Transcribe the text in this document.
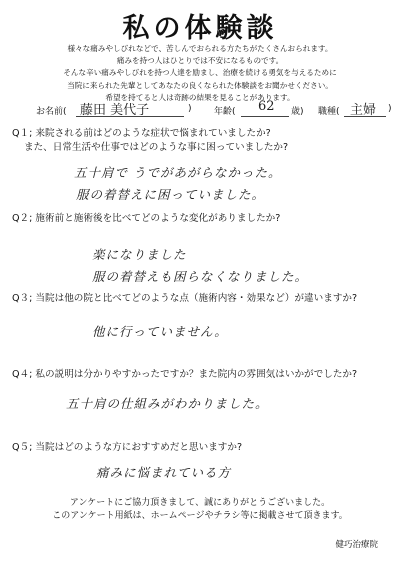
私の体験談
様々な痛みやしびれなどで、苦しんでおられる方たちがたくさんおられます。
痛みを持つ人はひとりでは不安になるものです。
そんな辛い痛みやしびれを持つ人達を励まし、治療を続ける勇気を与えるために
当院に来られた先輩としてあなたの良くなられた体験談をお聞かせください。
希望を持てると人は奇跡の結果を見ることがあります。
お名前( 藤田 美代子	) 年齢( 62 歳) 職種( 主婦 )
Q１; 来院される前はどのような症状で悩まれていましたか?
また、日常生活や仕事ではどのような事に困っていましたか?
五十肩で うでがあがらなかった。
服の着替えに困っていました。
Q２; 施術前と施術後を比べてどのような変化がありましたか?
楽になりました
服の着替えも困らなくなりました。
Q３; 当院は他の院と比べてどのような点（施術内容・効果など）が違いますか?
他に行っていません。
Q４; 私の説明は分かりやすかったですか？また院内の雰囲気はいかがでしたか?
五十肩の仕組みがわかりました。
Q５; 当院はどのような方におすすめだと思いますか?
痛みに悩まれている方
アンケートにご協力頂きまして、誠にありがとうございました。
このアンケート用紙は、ホームページやチラシ等に掲載させて頂きます。
健巧治療院
